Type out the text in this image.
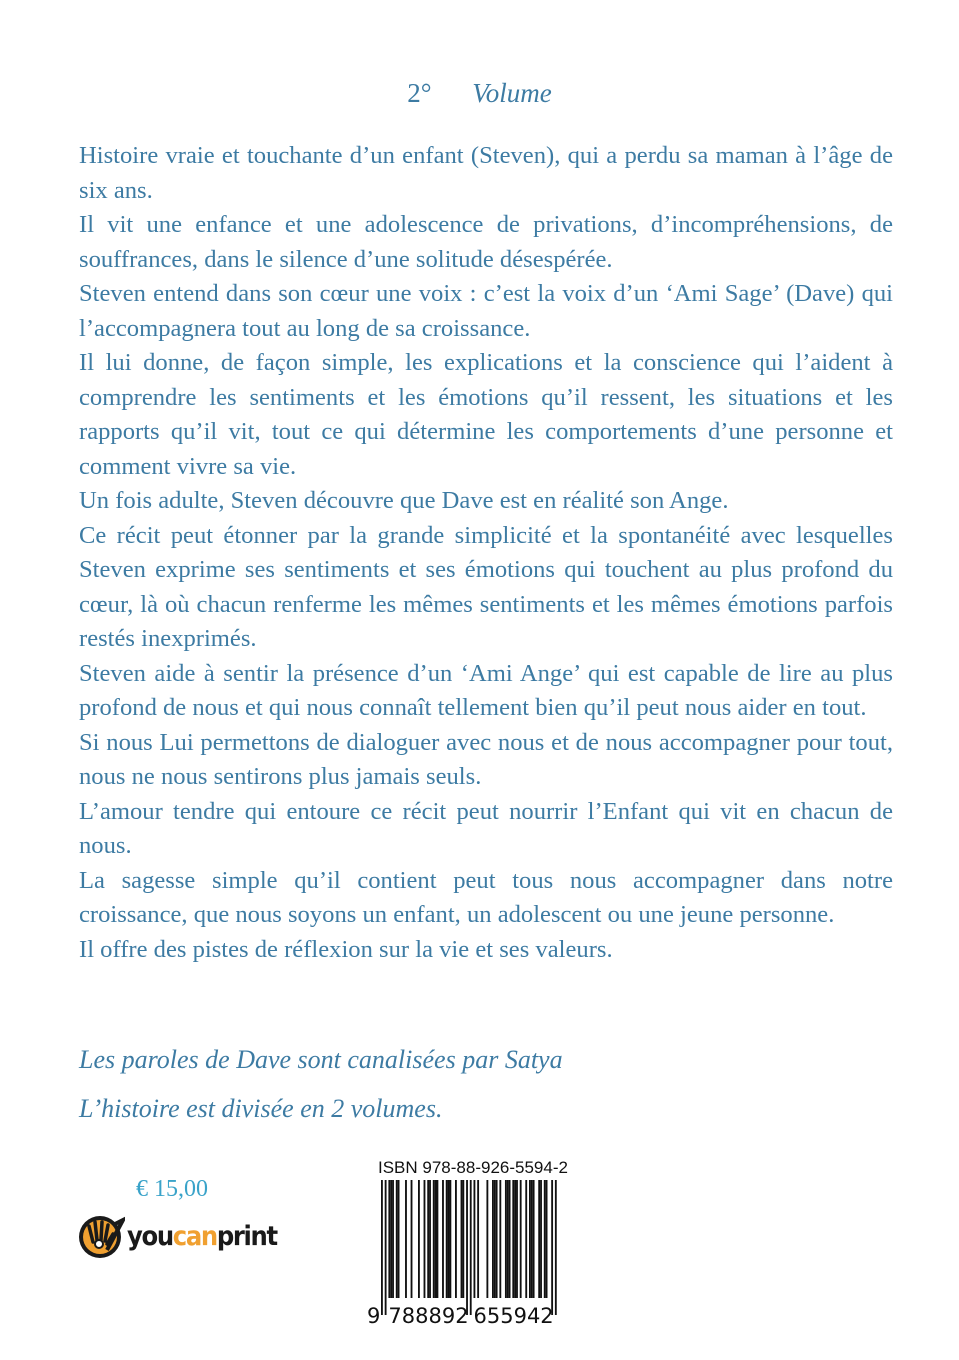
2° Volume

Histoire vraie et touchante d’un enfant (Steven), qui a perdu sa maman à l’âge de six ans.

Il vit une enfance et une adolescence de privations, d’incompréhensions, de souffrances, dans le silence d’une solitude désespérée.

Steven entend dans son cœur une voix : c’est la voix d’un ‘Ami Sage’ (Dave) qui l’accompagnera tout au long de sa croissance.

Il lui donne, de façon simple, les explications et la conscience qui l’aident à comprendre les sentiments et les émotions qu’il ressent, les situations et les rapports qu’il vit, tout ce qui détermine les comportements d’une personne et comment vivre sa vie.

Un fois adulte, Steven découvre que Dave est en réalité son Ange.

Ce récit peut étonner par la grande simplicité et la spontanéité avec lesquelles Steven exprime ses sentiments et ses émotions qui touchent au plus profond du cœur, là où chacun renferme les mêmes sentiments et les mêmes émotions parfois restés inexprimés.

Steven aide à sentir la présence d’un ‘Ami Ange’ qui est capable de lire au plus profond de nous et qui nous connaît tellement bien qu’il peut nous aider en tout.

Si nous Lui permettons de dialoguer avec nous et de nous accompagner pour tout, nous ne nous sentirons plus jamais seuls.

L’amour tendre qui entoure ce récit peut nourrir l’Enfant qui vit en chacun de nous.

La sagesse simple qu’il contient peut tous nous accompagner dans notre croissance, que nous soyons un enfant, un adolescent ou une jeune personne.

Il offre des pistes de réflexion sur la vie et ses valeurs.

Les paroles de Dave sont canalisées par Satya
L’histoire est divisée en 2 volumes.
€ 15,00
youcanprint
ISBN 978-88-926-5594-2
9 788892 655942
